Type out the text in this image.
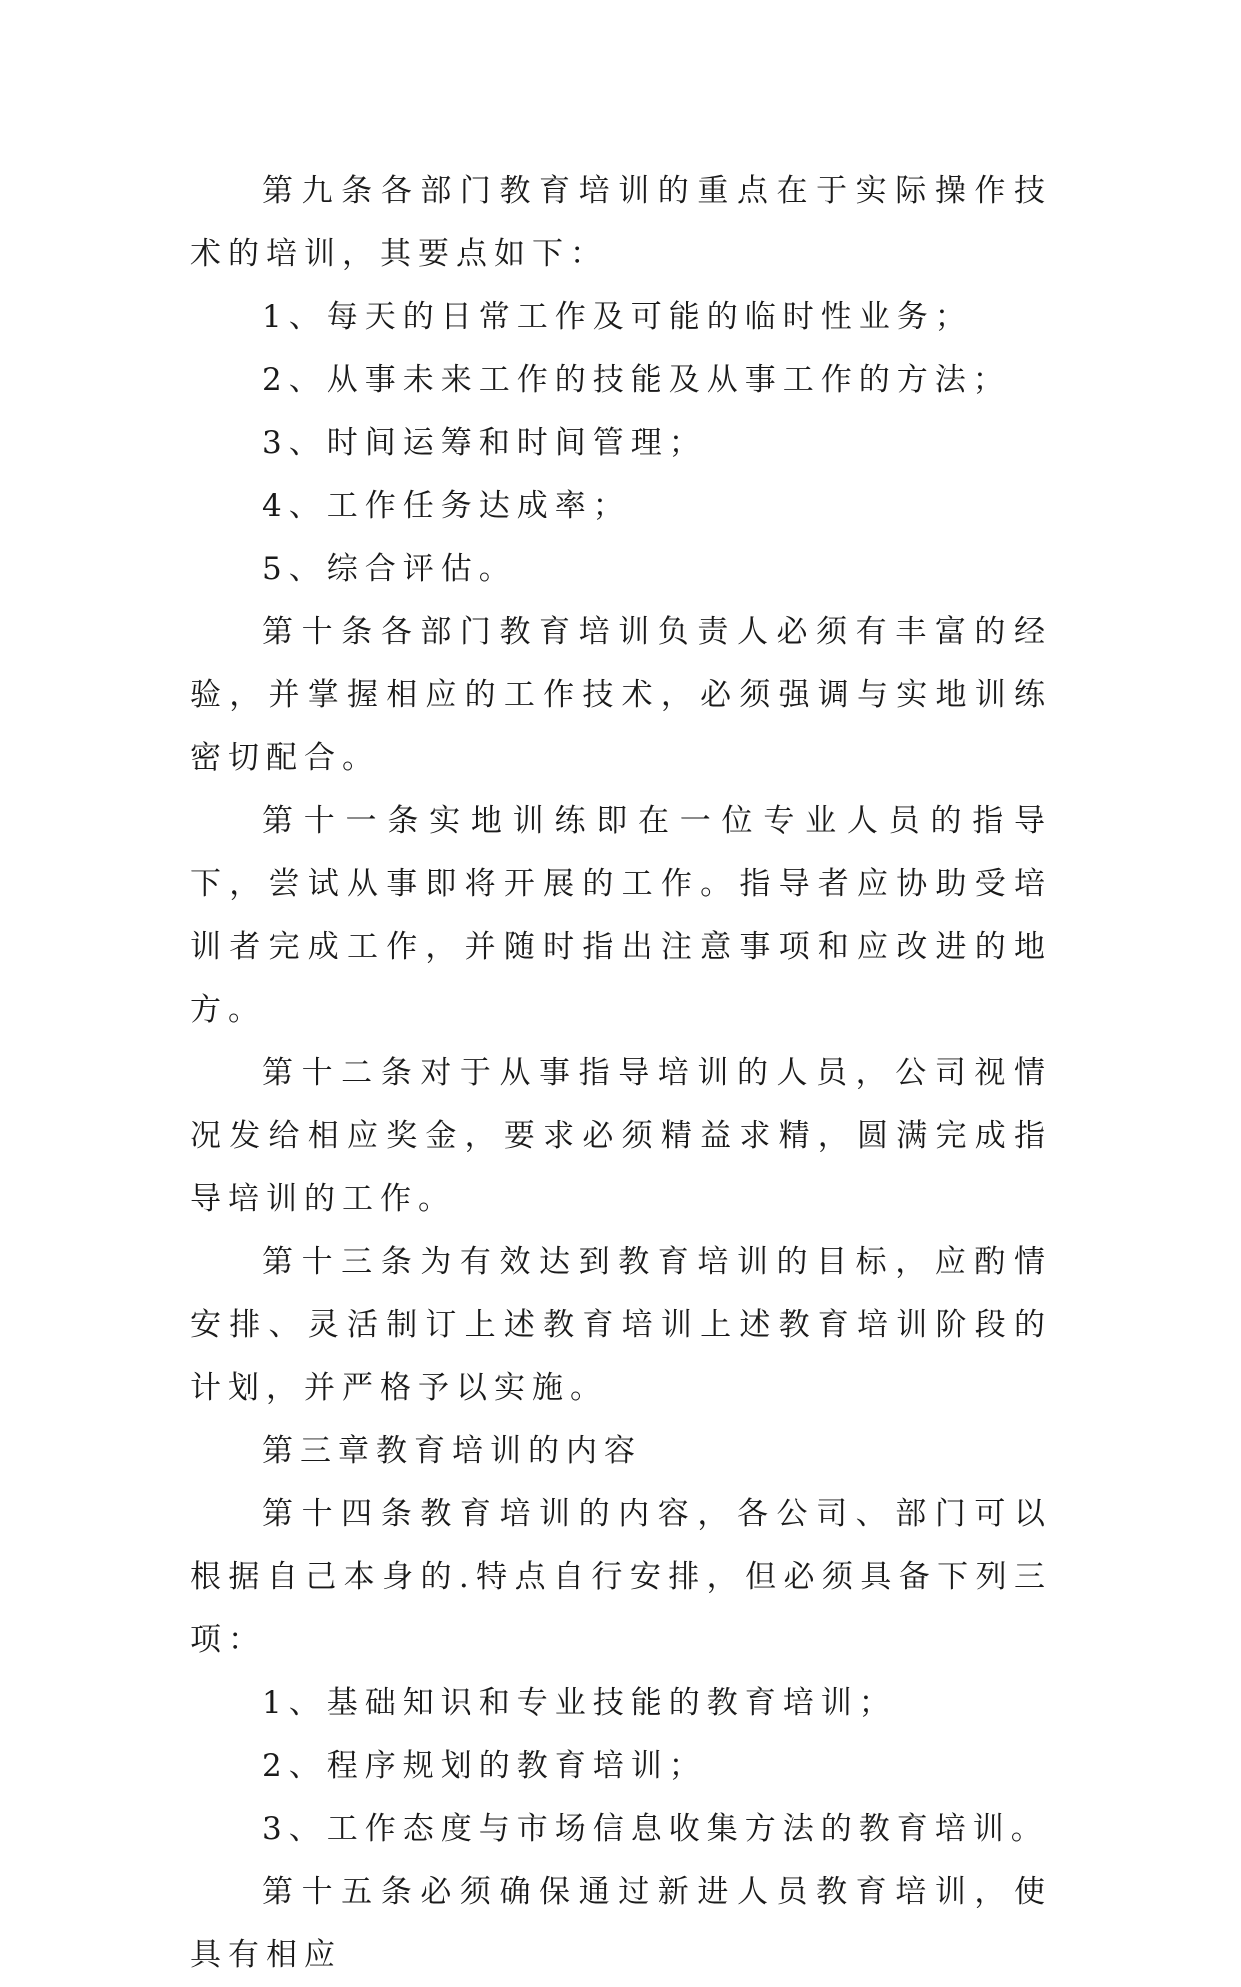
第九条各部门教育培训的重点在于实际操作技术的培训，其要点如下：

1、每天的日常工作及可能的临时性业务；

2、从事未来工作的技能及从事工作的方法；

3、时间运筹和时间管理；

4、工作任务达成率；

5、综合评估。

第十条各部门教育培训负责人必须有丰富的经验，并掌握相应的工作技术，必须强调与实地训练密切配合。

第十一条实地训练即在一位专业人员的指导下，尝试从事即将开展的工作。指导者应协助受培训者完成工作，并随时指出注意事项和应改进的地方。

第十二条对于从事指导培训的人员，公司视情况发给相应奖金，要求必须精益求精，圆满完成指导培训的工作。

第十三条为有效达到教育培训的目标，应酌情安排、灵活制订上述教育培训上述教育培训阶段的计划，并严格予以实施。

第三章教育培训的内容

第十四条教育培训的内容，各公司、部门可以根据自己本身的.特点自行安排，但必须具备下列三项：

1、基础知识和专业技能的教育培训；

2、程序规划的教育培训；

3、工作态度与市场信息收集方法的教育培训。

第十五条必须确保通过新进人员教育培训，使具有相应
